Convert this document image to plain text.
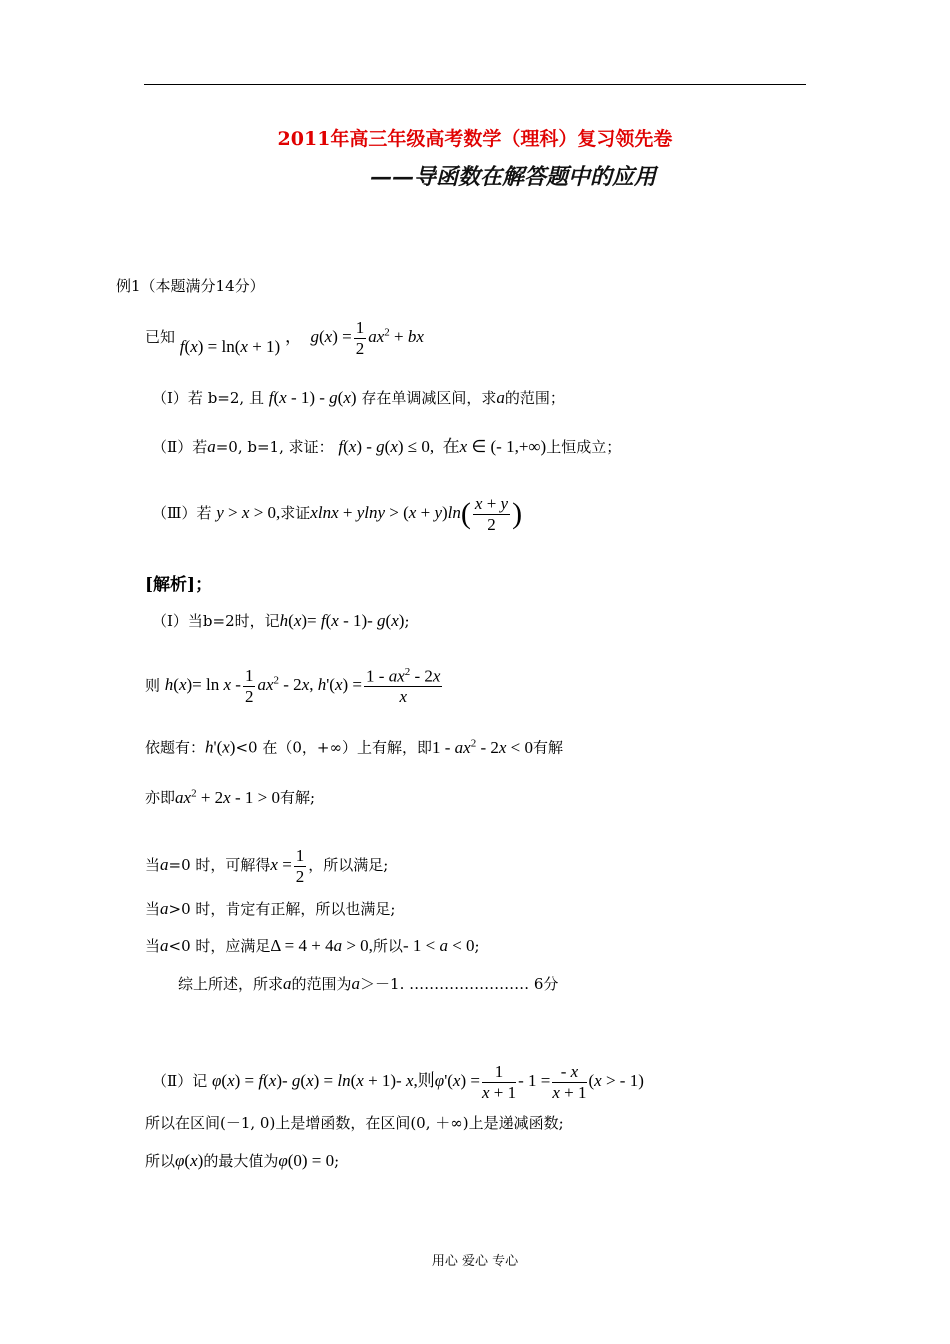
2011年高三年级高考数学（理科）复习领先卷
——导函数在解答题中的应用
例1（本题满分14分）
已知 f(x) = ln(x + 1) ，  $g(x) = \frac{1}{2} ax^2$ + bx
（Ⅰ）若 b=2, 且 f(x - 1) - g(x) 存在单调减区间，求a的范围；
（Ⅱ）若a=0, b=1, 求证： f(x) - g(x) ≤ 0,  在x ∈ (- 1,+∞)上恒成立；
（Ⅲ）若 y > x > 0,求证$xlnx + ylny > (x + y)\ln( \frac{x + y}{2}$ )
[解析]；
（Ⅰ）当b=2时，记h(x)= f(x - 1)- g(x);
则 $h(x)= \ln x - \frac{1}{2} ax^2 - 2x$, $h'(x) = \frac{1 - ax^2 - 2x}{x}$
依题有：h'(x)<0 在（0，+∞）上有解，即$1 - ax^2 - 2x < 0$有解
亦即$ax^2 + 2x - 1 > 0$有解;
当a=0 时，可解得$x = \frac{1}{2}$ ，所以满足;
当a>0 时，肯定有正解，所以也满足;
当a<0 时，应满足Δ = 4 + 4a > 0,所以- 1 < a < 0;
综上所述，所求a的范围为a＞－1. …………………… 6分
（Ⅱ）记 φ(x) = f(x)- g(x) = ln(x + 1)- x,则$\varphi'(x) = \frac{1}{x + 1} - 1 = \frac{- x}{x + 1} (x$ > - 1)
所以在区间(－1, 0)上是增函数，在区间(0, ＋∞)上是递减函数;
所以φ(x)的最大值为φ(0) = 0;
用心 爱心 专心
